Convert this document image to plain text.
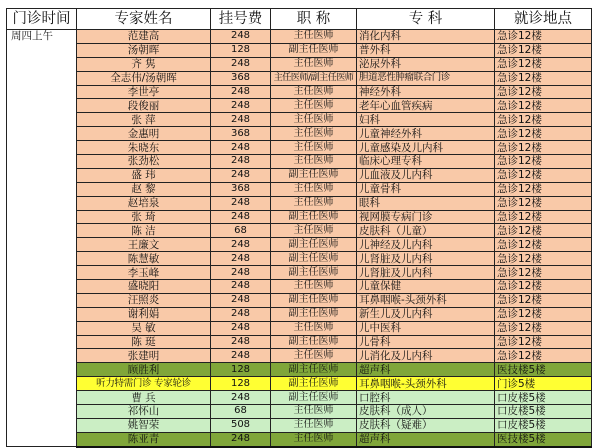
门诊时间	专家姓名	挂号费	职 称	专 科	就诊地点
周四上午	范建高	248	主任医师	消化内科	急诊12楼
	汤朝晖	128	副主任医师	普外科	急诊12楼
	齐 隽	248	主任医师	泌尿外科	急诊12楼
	全志伟/汤朝晖	368	主任医师/副主任医师	胆道恶性肿瘤联合门诊	急诊12楼
	李世亭	248	主任医师	神经外科	急诊12楼
	段俊丽	248	主任医师	老年心血管疾病	急诊12楼
	张 萍	248	主任医师	妇科	急诊12楼
	金惠明	368	主任医师	儿童神经外科	急诊12楼
	朱晓东	248	主任医师	儿童感染及儿内科	急诊12楼
	张劲松	248	主任医师	临床心理专科	急诊12楼
	盛 玮	248	副主任医师	儿血液及儿内科	急诊12楼
	赵 黎	368	主任医师	儿童骨科	急诊12楼
	赵培泉	248	主任医师	眼科	急诊12楼
	张 琦	248	副主任医师	视网膜专病门诊	急诊12楼
	陈 洁	68	主任医师	皮肤科（儿童）	急诊12楼
	王廉文	248	副主任医师	儿神经及儿内科	急诊12楼
	陈慧敏	248	副主任医师	儿肾脏及儿内科	急诊12楼
	李玉峰	248	副主任医师	儿肾脏及儿内科	急诊12楼
	盛晓阳	248	主任医师	儿童保健	急诊12楼
	汪照炎	248	副主任医师	耳鼻咽喉-头颈外科	急诊12楼
	谢利娟	248	副主任医师	新生儿及儿内科	急诊12楼
	吴 敏	248	主任医师	儿中医科	急诊12楼
	陈 珽	248	副主任医师	儿骨科	急诊12楼
	张建明	248	主任医师	儿消化及儿内科	急诊12楼
	顾胜利	128	副主任医师	超声科	医技楼5楼
	听力特需门诊 专家轮诊	128	副主任医师	耳鼻咽喉-头颈外科	门诊5楼
	曹 兵	248	副主任医师	口腔科	口皮楼5楼
	祁怀山	68	主任医师	皮肤科（成人）	口皮楼5楼
	姚智荣	508	主任医师	皮肤科（疑难）	口皮楼5楼
	陈亚青	248	主任医师	超声科	医技楼5楼
